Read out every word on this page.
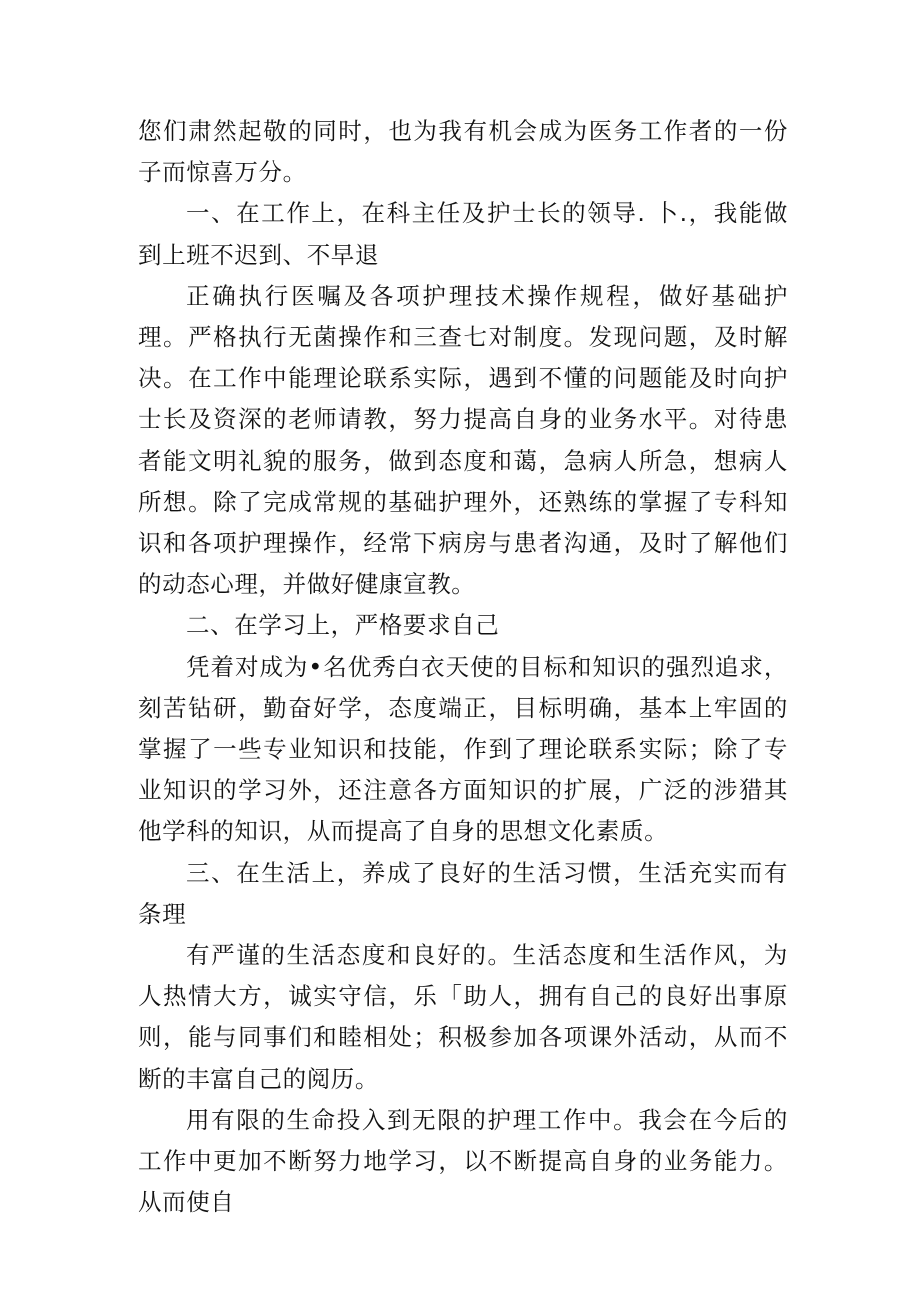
您们肃然起敬的同时，也为我有机会成为医务工作者的一份子而惊喜万分。

一、在工作上，在科主任及护士长的领导. 卜.，我能做到上班不迟到、不早退

正确执行医嘱及各项护理技术操作规程，做好基础护理。严格执行无菌操作和三查七对制度。发现问题，及时解决。在工作中能理论联系实际，遇到不懂的问题能及时向护士长及资深的老师请教，努力提高自身的业务水平。对待患者能文明礼貌的服务，做到态度和蔼，急病人所急，想病人所想。除了完成常规的基础护理外，还熟练的掌握了专科知识和各项护理操作，经常下病房与患者沟通，及时了解他们的动态心理，并做好健康宣教。

二、在学习上，严格要求自己

凭着对成为•名优秀白衣天使的目标和知识的强烈追求，刻苦钻研，勤奋好学，态度端正，目标明确，基本上牢固的掌握了一些专业知识和技能，作到了理论联系实际；除了专业知识的学习外，还注意各方面知识的扩展，广泛的涉猎其他学科的知识，从而提高了自身的思想文化素质。

三、在生活上，养成了良好的生活习惯，生活充实而有条理

有严谨的生活态度和良好的。生活态度和生活作风，为人热情大方，诚实守信，乐「助人，拥有自己的良好出事原则，能与同事们和睦相处；积极参加各项课外活动，从而不断的丰富自己的阅历。

用有限的生命投入到无限的护理工作中。我会在今后的工作中更加不断努力地学习，以不断提高自身的业务能力。从而使自
